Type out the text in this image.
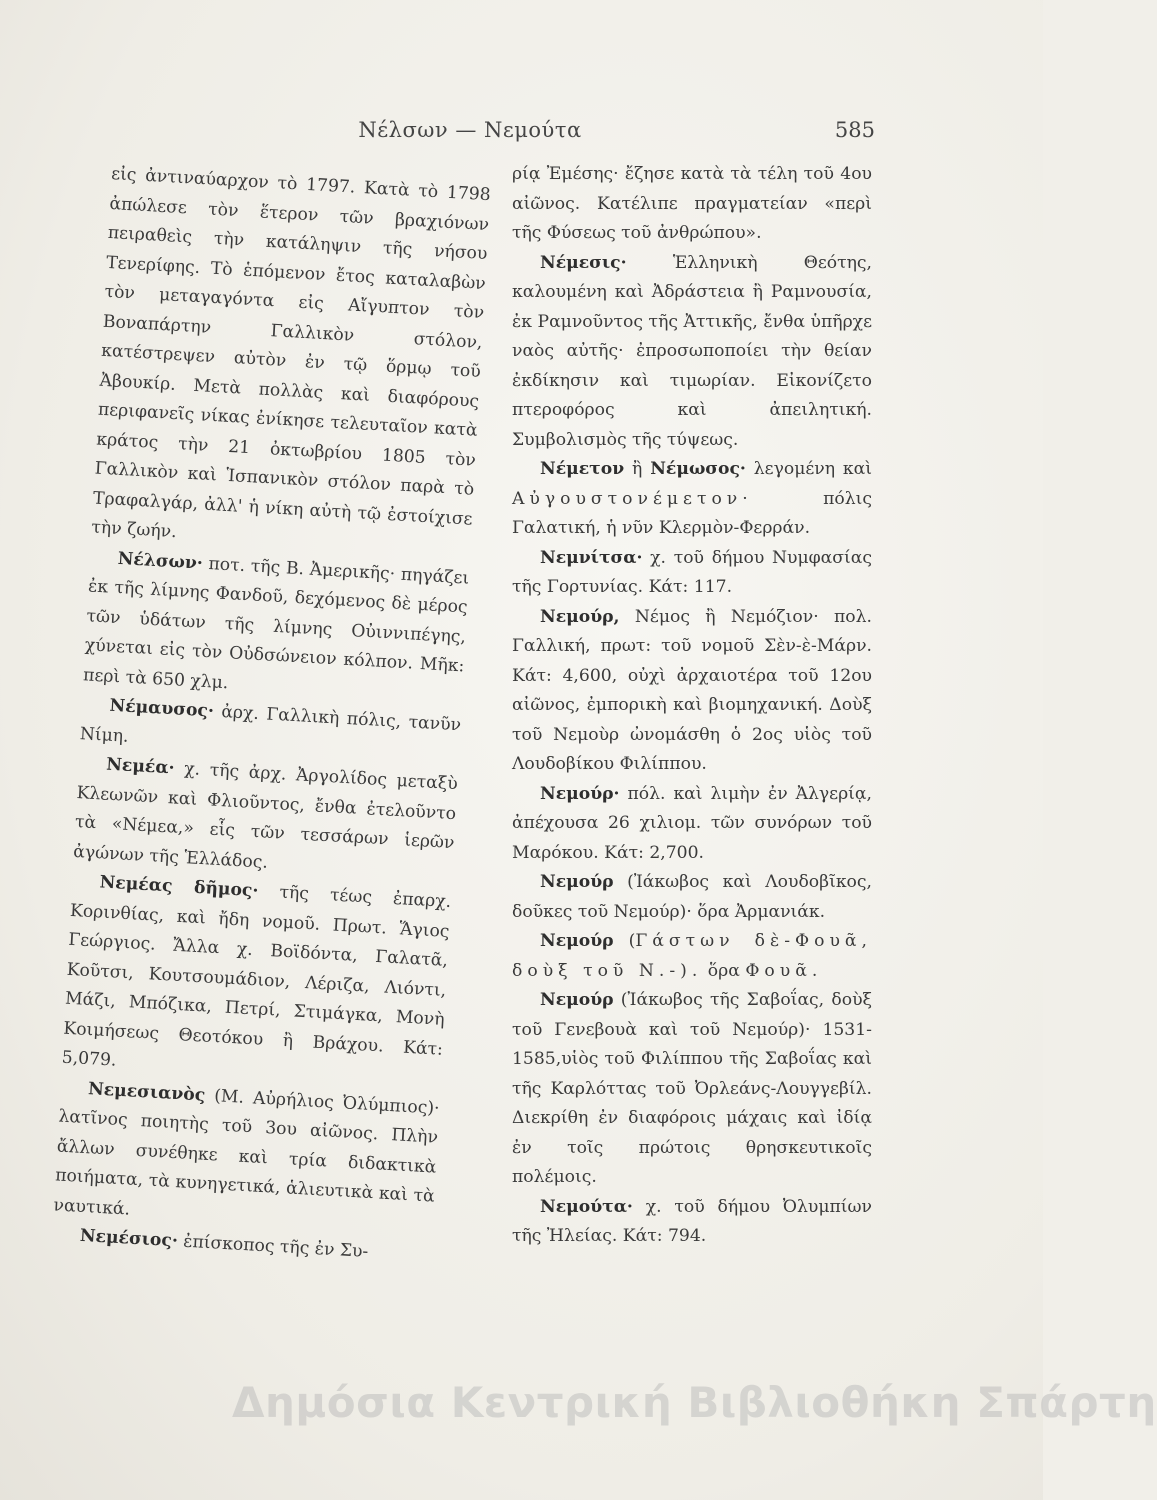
Νέλσων — Νεμούτα	585

εἰς ἀντιναύαρχον τὸ 1797. Κατὰ τὸ 1798 ἀπώλεσε τὸν ἕτερον τῶν βραχιόνων πειραθεὶς τὴν κατάληψιν τῆς νήσου Τενερίφης. Τὸ ἑπόμενον ἔτος καταλαβὼν τὸν μεταγαγόντα εἰς Αἴγυπτον τὸν Βοναπάρτην Γαλλικὸν στόλον, κατέστρεψεν αὐτὸν ἐν τῷ ὅρμῳ τοῦ Ἀβουκίρ. Μετὰ πολλὰς καὶ διαφόρους περιφανεῖς νίκας ἐνίκησε τελευταῖον κατὰ κράτος τὴν 21 ὀκτωβρίου 1805 τὸν Γαλλικὸν καὶ Ἱσπανικὸν στόλον παρὰ τὸ Τραφαλγάρ, ἀλλ' ἡ νίκη αὐτὴ τῷ ἐστοίχισε τὴν ζωήν.

Νέλσων· ποτ. τῆς Β. Ἀμερικῆς· πηγάζει ἐκ τῆς λίμνης Φανδοῦ, δεχόμενος δὲ μέρος τῶν ὑδάτων τῆς λίμνης Οὐιννιπέγης, χύνεται εἰς τὸν Οὐδσώνειον κόλπον. Μῆκ: περὶ τὰ 650 χλμ.

Νέμαυσος· ἀρχ. Γαλλικὴ πόλις, τανῦν Νίμη.

Νεμέα· χ. τῆς ἀρχ. Ἀργολίδος μεταξὺ Κλεωνῶν καὶ Φλιοῦντος, ἔνθα ἐτελοῦντο τὰ «Νέμεα,» εἷς τῶν τεσσάρων ἱερῶν ἀγώνων τῆς Ἑλλάδος.

Νεμέας δῆμος· τῆς τέως ἐπαρχ. Κορινθίας, καὶ ἤδη νομοῦ. Πρωτ. Ἅγιος Γεώργιος. Ἄλλα χ. Βοϊδόντα, Γαλατᾶ, Κοῦτσι, Κουτσουμάδιον, Λέριζα, Λιόντι, Μάζι, Μπόζικα, Πετρί, Στιμάγκα, Μονὴ Κοιμήσεως Θεοτόκου ἢ Βράχου. Κάτ: 5,079.

Νεμεσιανὸς (Μ. Αὐρήλιος Ὀλύμπιος)· λατῖνος ποιητὴς τοῦ 3ου αἰῶνος. Πλὴν ἄλλων συνέθηκε καὶ τρία διδακτικὰ ποιήματα, τὰ κυνηγετικά, ἁλιευτικὰ καὶ τὰ ναυτικά.

Νεμέσιος· ἐπίσκοπος τῆς ἐν Συ-

ρίᾳ Ἐμέσης· ἔζησε κατὰ τὰ τέλη τοῦ 4ου αἰῶνος. Κατέλιπε πραγματείαν «περὶ τῆς Φύσεως τοῦ ἀνθρώπου».

Νέμεσις· Ἑλληνικὴ Θεότης, καλουμένη καὶ Ἀδράστεια ἢ Ραμνουσία, ἐκ Ραμνοῦντος τῆς Ἀττικῆς, ἔνθα ὑπῆρχε ναὸς αὐτῆς· ἐπροσωποποίει τὴν θείαν ἐκδίκησιν καὶ τιμωρίαν. Εἰκονίζετο πτεροφόρος καὶ ἀπειλητική. Συμβολισμὸς τῆς τύψεως.

Νέμετον ἢ Νέμωσος· λεγομένη καὶ Αὐγουστονέμετον· πόλις Γαλατική, ἡ νῦν Κλερμὸν-Φερράν.

Νεμνίτσα· χ. τοῦ δήμου Νυμφασίας τῆς Γορτυνίας. Κάτ: 117.

Νεμούρ, Νέμος ἢ Νεμόζιον· πολ. Γαλλική, πρωτ: τοῦ νομοῦ Σὲν-ὲ-Μάρν. Κάτ: 4,600, οὐχὶ ἀρχαιοτέρα τοῦ 12ου αἰῶνος, ἐμπορικὴ καὶ βιομηχανική. Δοὺξ τοῦ Νεμοὺρ ὠνομάσθη ὁ 2ος υἱὸς τοῦ Λουδοβίκου Φιλίππου.

Νεμούρ· πόλ. καὶ λιμὴν ἐν Ἀλγερίᾳ, ἀπέχουσα 26 χιλιομ. τῶν συνόρων τοῦ Μαρόκου. Κάτ: 2,700.

Νεμούρ (Ἰάκωβος καὶ Λουδοβῖκος, δοῦκες τοῦ Νεμούρ)· ὅρα Ἀρμανιάκ.

Νεμούρ (Γάστων δὲ-Φουᾶ, δοὺξ τοῦ Ν.-). ὅρα Φουᾶ.

Νεμούρ (Ἰάκωβος τῆς Σαβοΐας, δοὺξ τοῦ Γενεβουὰ καὶ τοῦ Νεμούρ)· 1531-1585,υἱὸς τοῦ Φιλίππου τῆς Σαβοΐας καὶ τῆς Καρλόττας τοῦ Ὀρλεάνς-Λουγγεβίλ. Διεκρίθη ἐν διαφόροις μάχαις καὶ ἰδίᾳ ἐν τοῖς πρώτοις θρησκευτικοῖς πολέμοις.

Νεμούτα· χ. τοῦ δήμου Ὀλυμπίων τῆς Ἠλείας. Κάτ: 794.

Δημόσια Κεντρική Βιβλιοθήκη Σπάρτη
